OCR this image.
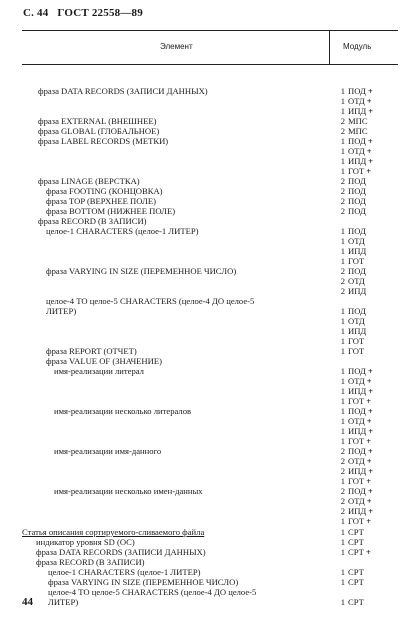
С. 44 ГОСТ 22558—89
Элемент	Модуль
фраза DATA RECORDS (ЗАПИСИ ДАННЫХ)	1 ПОД +
1 ОТД +
1 ИПД +
фраза EXTERNAL (ВНЕШНЕЕ)	2 МПС
фраза GLOBAL (ГЛОБАЛЬНОЕ)	2 МПС
фраза LABEL RECORDS (МЕТКИ)	1 ПОД +
1 ОТД +
1 ИПД +
1 ГОТ +
фраза LINAGE (ВЕРСТКА)	2 ПОД
фраза FOOTING (КОНЦОВКА)	2 ПОД
фраза TOP (ВЕРХНЕЕ ПОЛЕ)	2 ПОД
фраза BOTTOM (НИЖНЕЕ ПОЛЕ)	2 ПОД
фраза RECORD (В ЗАПИСИ)
целое-1 CHARACTERS (целое-1 ЛИТЕР)	1 ПОД
1 ОТД
1 ИПД
1 ГОТ
фраза VARYING IN SIZE (ПЕРЕМЕННОЕ ЧИСЛО)	2 ПОД
2 ОТД
2 ИПД
целое-4 ТО целое-5 CHARACTERS (целое-4 ДО целое-5
ЛИТЕР)	1 ПОД
1 ОТД
1 ИПД
1 ГОТ
фраза REPORT (ОТЧЕТ)	1 ГОТ
фраза VALUE OF (ЗНАЧЕНИЕ)
имя-реализации литерал	1 ПОД +
1 ОТД +
1 ИПД +
1 ГОТ +
имя-реализации несколько литералов	1 ПОД +
1 ОТД +
1 ИПД +
1 ГОТ +
имя-реализации имя-данного	2 ПОД +
2 ОТД +
2 ИПД +
1 ГОТ +
имя-реализации несколько имен-данных	2 ПОД +
2 ОТД +
2 ИПД +
1 ГОТ +
Статья описания сортируемого-сливаемого файла	1 СРТ
индикатор уровня SD (ОС)	1 СРТ
фраза DATA RECORDS (ЗАПИСИ ДАННЫХ)	1 СРТ +
фраза RECORD (В ЗАПИСИ)
целое-1 CHARACTERS (целое-1 ЛИТЕР)	1 СРТ
фраза VARYING IN SIZE (ПЕРЕМЕННОЕ ЧИСЛО)	1 СРТ
целое-4 ТО целое-5 CHARACTERS (целое-4 ДО целое-5
ЛИТЕР)	1 СРТ
44
